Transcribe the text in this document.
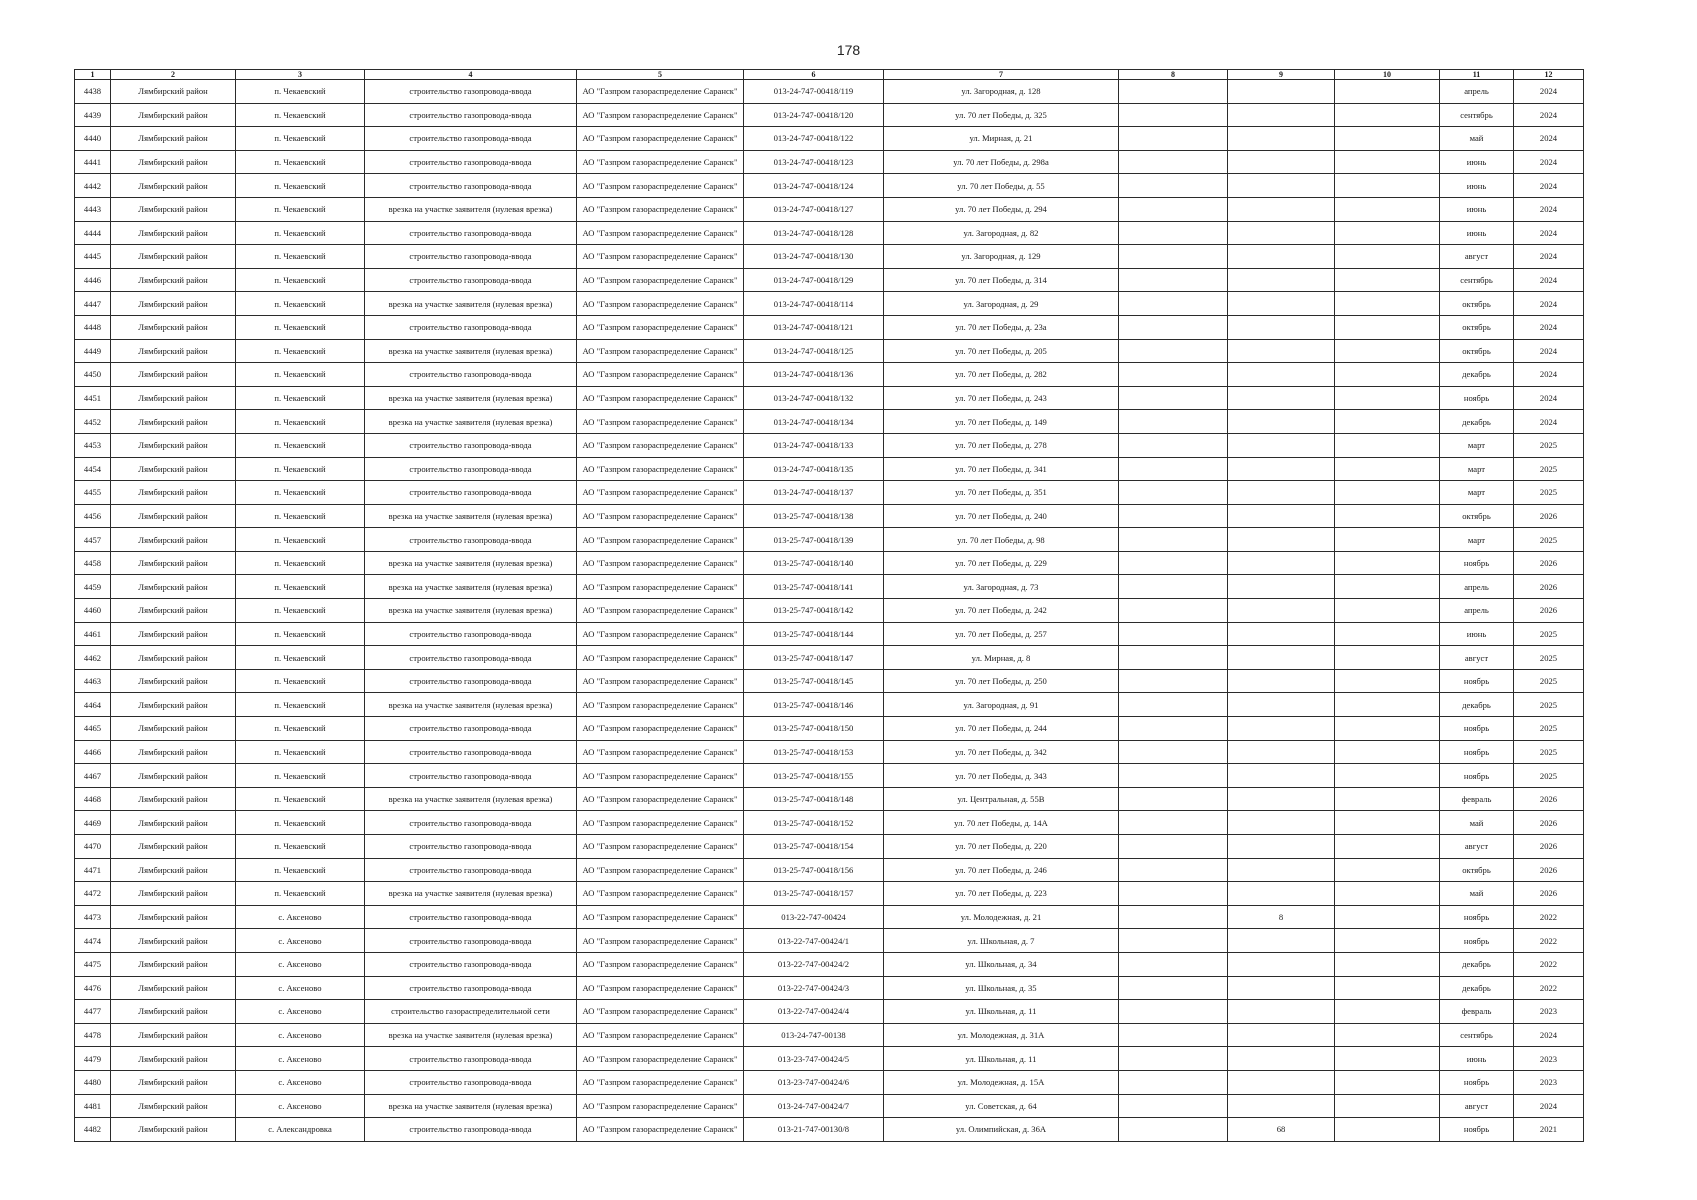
178
1	2	3	4	5	6	7	8	9	10	11	12
4438	Лямбирский район	п. Чекаевский	строительство газопровода-ввода	АО "Газпром газораспределение Саранск"	013-24-747-00418/119	ул. Загородная, д. 128				апрель	2024
4439	Лямбирский район	п. Чекаевский	строительство газопровода-ввода	АО "Газпром газораспределение Саранск"	013-24-747-00418/120	ул. 70 лет Победы, д. 325				сентябрь	2024
4440	Лямбирский район	п. Чекаевский	строительство газопровода-ввода	АО "Газпром газораспределение Саранск"	013-24-747-00418/122	ул. Мирная, д. 21				май	2024
4441	Лямбирский район	п. Чекаевский	строительство газопровода-ввода	АО "Газпром газораспределение Саранск"	013-24-747-00418/123	ул. 70 лет Победы, д. 298а				июнь	2024
4442	Лямбирский район	п. Чекаевский	строительство газопровода-ввода	АО "Газпром газораспределение Саранск"	013-24-747-00418/124	ул. 70 лет Победы, д. 55				июнь	2024
4443	Лямбирский район	п. Чекаевский	врезка на участке заявителя (нулевая врезка)	АО "Газпром газораспределение Саранск"	013-24-747-00418/127	ул. 70 лет Победы, д. 294				июнь	2024
4444	Лямбирский район	п. Чекаевский	строительство газопровода-ввода	АО "Газпром газораспределение Саранск"	013-24-747-00418/128	ул. Загородная, д. 82				июнь	2024
4445	Лямбирский район	п. Чекаевский	строительство газопровода-ввода	АО "Газпром газораспределение Саранск"	013-24-747-00418/130	ул. Загородная, д. 129				август	2024
4446	Лямбирский район	п. Чекаевский	строительство газопровода-ввода	АО "Газпром газораспределение Саранск"	013-24-747-00418/129	ул. 70 лет Победы, д. 314				сентябрь	2024
4447	Лямбирский район	п. Чекаевский	врезка на участке заявителя (нулевая врезка)	АО "Газпром газораспределение Саранск"	013-24-747-00418/114	ул. Загородная, д. 29				октябрь	2024
4448	Лямбирский район	п. Чекаевский	строительство газопровода-ввода	АО "Газпром газораспределение Саранск"	013-24-747-00418/121	ул. 70 лет Победы, д. 23а				октябрь	2024
4449	Лямбирский район	п. Чекаевский	врезка на участке заявителя (нулевая врезка)	АО "Газпром газораспределение Саранск"	013-24-747-00418/125	ул. 70 лет Победы, д. 205				октябрь	2024
4450	Лямбирский район	п. Чекаевский	строительство газопровода-ввода	АО "Газпром газораспределение Саранск"	013-24-747-00418/136	ул. 70 лет Победы, д. 282				декабрь	2024
4451	Лямбирский район	п. Чекаевский	врезка на участке заявителя (нулевая врезка)	АО "Газпром газораспределение Саранск"	013-24-747-00418/132	ул. 70 лет Победы, д. 243				ноябрь	2024
4452	Лямбирский район	п. Чекаевский	врезка на участке заявителя (нулевая врезка)	АО "Газпром газораспределение Саранск"	013-24-747-00418/134	ул. 70 лет Победы, д. 149				декабрь	2024
4453	Лямбирский район	п. Чекаевский	строительство газопровода-ввода	АО "Газпром газораспределение Саранск"	013-24-747-00418/133	ул. 70 лет Победы, д. 278				март	2025
4454	Лямбирский район	п. Чекаевский	строительство газопровода-ввода	АО "Газпром газораспределение Саранск"	013-24-747-00418/135	ул. 70 лет Победы, д. 341				март	2025
4455	Лямбирский район	п. Чекаевский	строительство газопровода-ввода	АО "Газпром газораспределение Саранск"	013-24-747-00418/137	ул. 70 лет Победы, д. 351				март	2025
4456	Лямбирский район	п. Чекаевский	врезка на участке заявителя (нулевая врезка)	АО "Газпром газораспределение Саранск"	013-25-747-00418/138	ул. 70 лет Победы, д. 240				октябрь	2026
4457	Лямбирский район	п. Чекаевский	строительство газопровода-ввода	АО "Газпром газораспределение Саранск"	013-25-747-00418/139	ул. 70 лет Победы, д. 98				март	2025
4458	Лямбирский район	п. Чекаевский	врезка на участке заявителя (нулевая врезка)	АО "Газпром газораспределение Саранск"	013-25-747-00418/140	ул. 70 лет Победы, д. 229				ноябрь	2026
4459	Лямбирский район	п. Чекаевский	врезка на участке заявителя (нулевая врезка)	АО "Газпром газораспределение Саранск"	013-25-747-00418/141	ул. Загородная, д. 73				апрель	2026
4460	Лямбирский район	п. Чекаевский	врезка на участке заявителя (нулевая врезка)	АО "Газпром газораспределение Саранск"	013-25-747-00418/142	ул. 70 лет Победы, д. 242				апрель	2026
4461	Лямбирский район	п. Чекаевский	строительство газопровода-ввода	АО "Газпром газораспределение Саранск"	013-25-747-00418/144	ул. 70 лет Победы, д. 257				июнь	2025
4462	Лямбирский район	п. Чекаевский	строительство газопровода-ввода	АО "Газпром газораспределение Саранск"	013-25-747-00418/147	ул. Мирная, д. 8				август	2025
4463	Лямбирский район	п. Чекаевский	строительство газопровода-ввода	АО "Газпром газораспределение Саранск"	013-25-747-00418/145	ул. 70 лет Победы, д. 250				ноябрь	2025
4464	Лямбирский район	п. Чекаевский	врезка на участке заявителя (нулевая врезка)	АО "Газпром газораспределение Саранск"	013-25-747-00418/146	ул. Загородная, д. 91				декабрь	2025
4465	Лямбирский район	п. Чекаевский	строительство газопровода-ввода	АО "Газпром газораспределение Саранск"	013-25-747-00418/150	ул. 70 лет Победы, д. 244				ноябрь	2025
4466	Лямбирский район	п. Чекаевский	строительство газопровода-ввода	АО "Газпром газораспределение Саранск"	013-25-747-00418/153	ул. 70 лет Победы, д. 342				ноябрь	2025
4467	Лямбирский район	п. Чекаевский	строительство газопровода-ввода	АО "Газпром газораспределение Саранск"	013-25-747-00418/155	ул. 70 лет Победы, д. 343				ноябрь	2025
4468	Лямбирский район	п. Чекаевский	врезка на участке заявителя (нулевая врезка)	АО "Газпром газораспределение Саранск"	013-25-747-00418/148	ул. Центральная, д. 55В				февраль	2026
4469	Лямбирский район	п. Чекаевский	строительство газопровода-ввода	АО "Газпром газораспределение Саранск"	013-25-747-00418/152	ул. 70 лет Победы, д. 14А				май	2026
4470	Лямбирский район	п. Чекаевский	строительство газопровода-ввода	АО "Газпром газораспределение Саранск"	013-25-747-00418/154	ул. 70 лет Победы, д. 220				август	2026
4471	Лямбирский район	п. Чекаевский	строительство газопровода-ввода	АО "Газпром газораспределение Саранск"	013-25-747-00418/156	ул. 70 лет Победы, д. 246				октябрь	2026
4472	Лямбирский район	п. Чекаевский	врезка на участке заявителя (нулевая врезка)	АО "Газпром газораспределение Саранск"	013-25-747-00418/157	ул. 70 лет Победы, д. 223				май	2026
4473	Лямбирский район	с. Аксеново	строительство газопровода-ввода	АО "Газпром газораспределение Саранск"	013-22-747-00424	ул. Молодежная, д. 21		8		ноябрь	2022
4474	Лямбирский район	с. Аксеново	строительство газопровода-ввода	АО "Газпром газораспределение Саранск"	013-22-747-00424/1	ул. Школьная, д. 7				ноябрь	2022
4475	Лямбирский район	с. Аксеново	строительство газопровода-ввода	АО "Газпром газораспределение Саранск"	013-22-747-00424/2	ул. Школьная, д. 34				декабрь	2022
4476	Лямбирский район	с. Аксеново	строительство газопровода-ввода	АО "Газпром газораспределение Саранск"	013-22-747-00424/3	ул. Школьная, д. 35				декабрь	2022
4477	Лямбирский район	с. Аксеново	строительство газораспределительной сети	АО "Газпром газораспределение Саранск"	013-22-747-00424/4	ул. Школьная, д. 11				февраль	2023
4478	Лямбирский район	с. Аксеново	врезка на участке заявителя (нулевая врезка)	АО "Газпром газораспределение Саранск"	013-24-747-00138	ул. Молодежная, д. 31А				сентябрь	2024
4479	Лямбирский район	с. Аксеново	строительство газопровода-ввода	АО "Газпром газораспределение Саранск"	013-23-747-00424/5	ул. Школьная, д. 11				июнь	2023
4480	Лямбирский район	с. Аксеново	строительство газопровода-ввода	АО "Газпром газораспределение Саранск"	013-23-747-00424/6	ул. Молодежная, д. 15А				ноябрь	2023
4481	Лямбирский район	с. Аксеново	врезка на участке заявителя (нулевая врезка)	АО "Газпром газораспределение Саранск"	013-24-747-00424/7	ул. Советская, д. 64				август	2024
4482	Лямбирский район	с. Александровка	строительство газопровода-ввода	АО "Газпром газораспределение Саранск"	013-21-747-00130/8	ул. Олимпийская, д. 36А		68		ноябрь	2021
